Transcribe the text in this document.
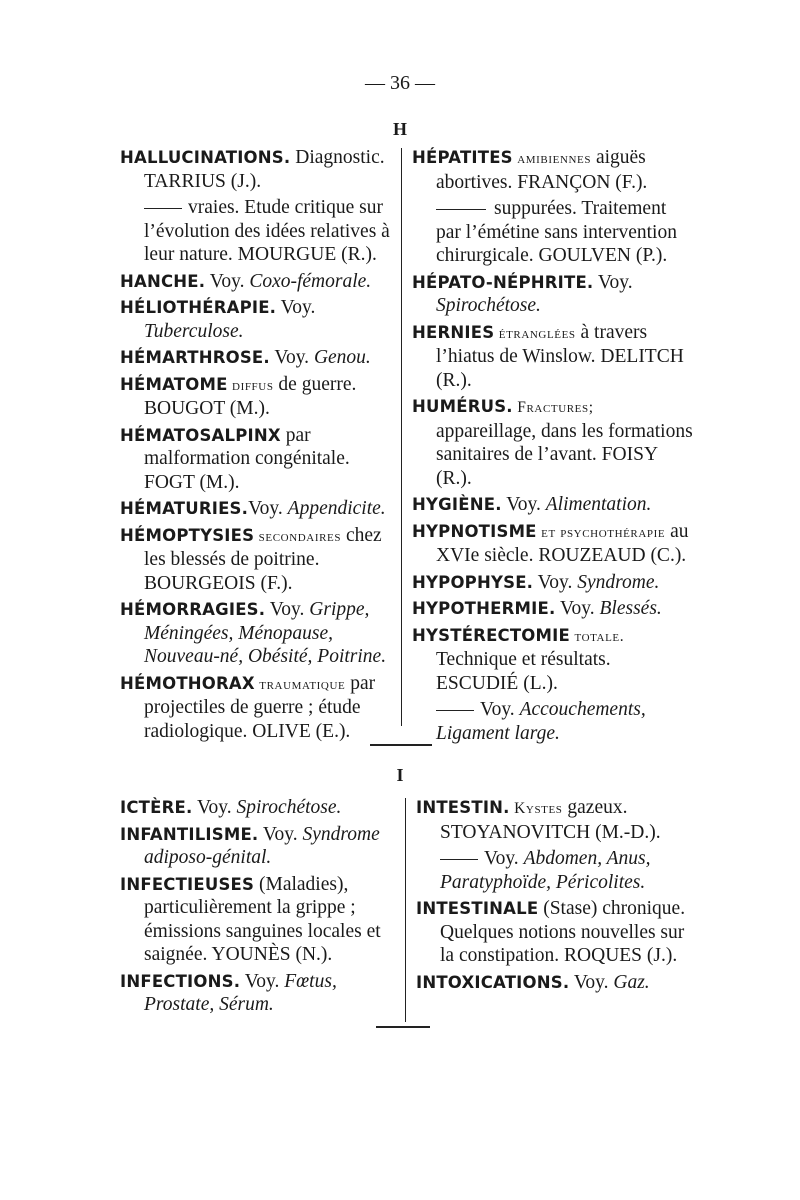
— 36 —
H

HALLUCINATIONS. Diagnostic. TARRIUS (J.).

vraies. Etude critique sur l’évolution des idées relatives à leur nature. MOURGUE (R.).

HANCHE. Voy. Coxo-fémorale.

HÉLIOTHÉRAPIE. Voy. Tuberculose.

HÉMARTHROSE. Voy. Genou.

HÉMATOME diffus de guerre. BOUGOT (M.).

HÉMATOSALPINX par malformation congénitale. FOGT (M.).

HÉMATURIES.Voy. Appendicite.

HÉMOPTYSIES secondaires chez les blessés de poitrine. BOURGEOIS (F.).

HÉMORRAGIES. Voy. Grippe, Méningées, Ménopause, Nouveau-né, Obésité, Poitrine.

HÉMOTHORAX traumatique par projectiles de guerre ; étude radiologique. OLIVE (E.).

HÉPATITES amibiennes aiguës abortives. FRANÇON (F.).

suppurées. Traitement par l’émétine sans intervention chirurgicale. GOULVEN (P.).

HÉPATO-NÉPHRITE. Voy. Spirochétose.

HERNIES étranglées à travers l’hiatus de Winslow. DELITCH (R.).

HUMÉRUS. Fractures; appareillage, dans les formations sanitaires de l’avant. FOISY (R.).

HYGIÈNE. Voy. Alimentation.

HYPNOTISME et psychothérapie au XVIe siècle. ROUZEAUD (C.).

HYPOPHYSE. Voy. Syndrome.

HYPOTHERMIE. Voy. Blessés.

HYSTÉRECTOMIE totale. Technique et résultats. ESCUDIÉ (L.).

Voy. Accouchements, Ligament large.

I

ICTÈRE. Voy. Spirochétose.

INFANTILISME. Voy. Syndrome adiposo-génital.

INFECTIEUSES (Maladies), particulièrement la grippe ; émissions sanguines locales et saignée. YOUNÈS (N.).

INFECTIONS. Voy. Fœtus, Prostate, Sérum.

INTESTIN. Kystes gazeux. STOYANOVITCH (M.-D.).

Voy. Abdomen, Anus, Paratyphoïde, Péricolites.

INTESTINALE (Stase) chronique. Quelques notions nouvelles sur la constipation. ROQUES (J.).

INTOXICATIONS. Voy. Gaz.
